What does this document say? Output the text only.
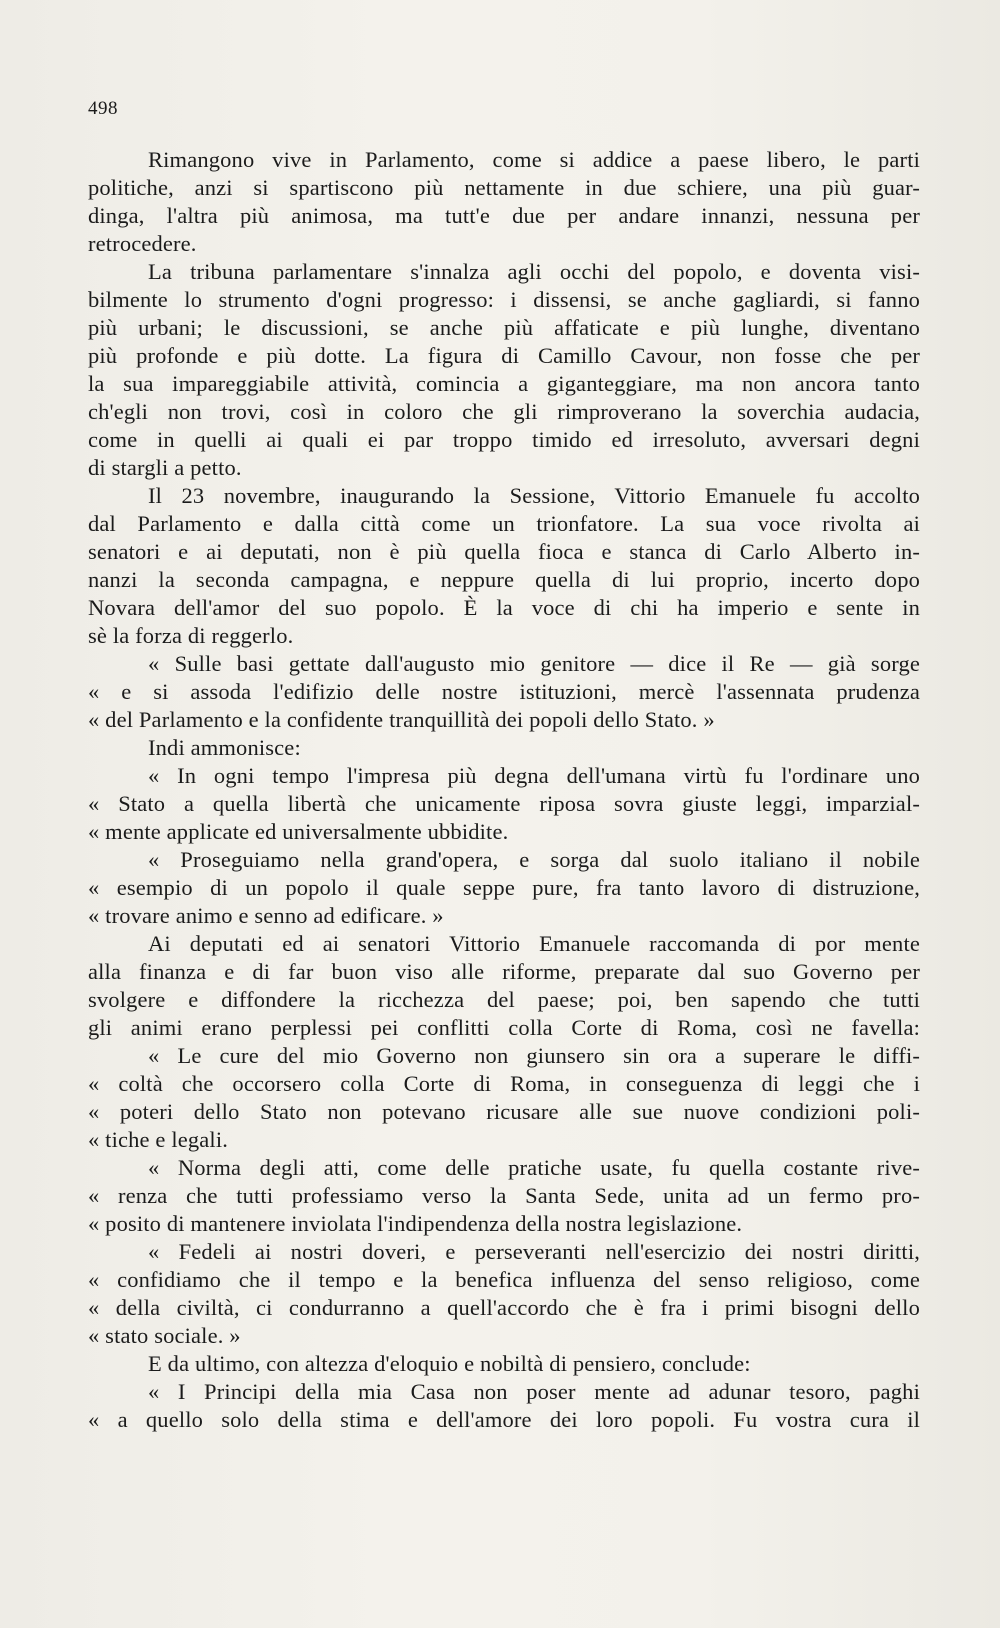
498
Rimangono vive in Parlamento, come si addice a paese libero, le parti
politiche, anzi si spartiscono più nettamente in due schiere, una più guar-
dinga, l'altra più animosa, ma tutt'e due per andare innanzi, nessuna per
retrocedere.
La tribuna parlamentare s'innalza agli occhi del popolo, e doventa visi-
bilmente lo strumento d'ogni progresso: i dissensi, se anche gagliardi, si fanno
più urbani; le discussioni, se anche più affaticate e più lunghe, diventano
più profonde e più dotte. La figura di Camillo Cavour, non fosse che per
la sua impareggiabile attività, comincia a giganteggiare, ma non ancora tanto
ch'egli non trovi, così in coloro che gli rimproverano la soverchia audacia,
come in quelli ai quali ei par troppo timido ed irresoluto, avversari degni
di stargli a petto.
Il 23 novembre, inaugurando la Sessione, Vittorio Emanuele fu accolto
dal Parlamento e dalla città come un trionfatore. La sua voce rivolta ai
senatori e ai deputati, non è più quella fioca e stanca di Carlo Alberto in-
nanzi la seconda campagna, e neppure quella di lui proprio, incerto dopo
Novara dell'amor del suo popolo. È la voce di chi ha imperio e sente in
sè la forza di reggerlo.
« Sulle basi gettate dall'augusto mio genitore — dice il Re — già sorge
« e si assoda l'edifizio delle nostre istituzioni, mercè l'assennata prudenza
« del Parlamento e la confidente tranquillità dei popoli dello Stato. »
Indi ammonisce:
« In ogni tempo l'impresa più degna dell'umana virtù fu l'ordinare uno
« Stato a quella libertà che unicamente riposa sovra giuste leggi, imparzial-
« mente applicate ed universalmente ubbidite.
« Proseguiamo nella grand'opera, e sorga dal suolo italiano il nobile
« esempio di un popolo il quale seppe pure, fra tanto lavoro di distruzione,
« trovare animo e senno ad edificare. »
Ai deputati ed ai senatori Vittorio Emanuele raccomanda di por mente
alla finanza e di far buon viso alle riforme, preparate dal suo Governo per
svolgere e diffondere la ricchezza del paese; poi, ben sapendo che tutti
gli animi erano perplessi pei conflitti colla Corte di Roma, così ne favella:
« Le cure del mio Governo non giunsero sin ora a superare le diffi-
« coltà che occorsero colla Corte di Roma, in conseguenza di leggi che i
« poteri dello Stato non potevano ricusare alle sue nuove condizioni poli-
« tiche e legali.
« Norma degli atti, come delle pratiche usate, fu quella costante rive-
« renza che tutti professiamo verso la Santa Sede, unita ad un fermo pro-
« posito di mantenere inviolata l'indipendenza della nostra legislazione.
« Fedeli ai nostri doveri, e perseveranti nell'esercizio dei nostri diritti,
« confidiamo che il tempo e la benefica influenza del senso religioso, come
« della civiltà, ci condurranno a quell'accordo che è fra i primi bisogni dello
« stato sociale. »
E da ultimo, con altezza d'eloquio e nobiltà di pensiero, conclude:
« I Principi della mia Casa non poser mente ad adunar tesoro, paghi
« a quello solo della stima e dell'amore dei loro popoli. Fu vostra cura il
